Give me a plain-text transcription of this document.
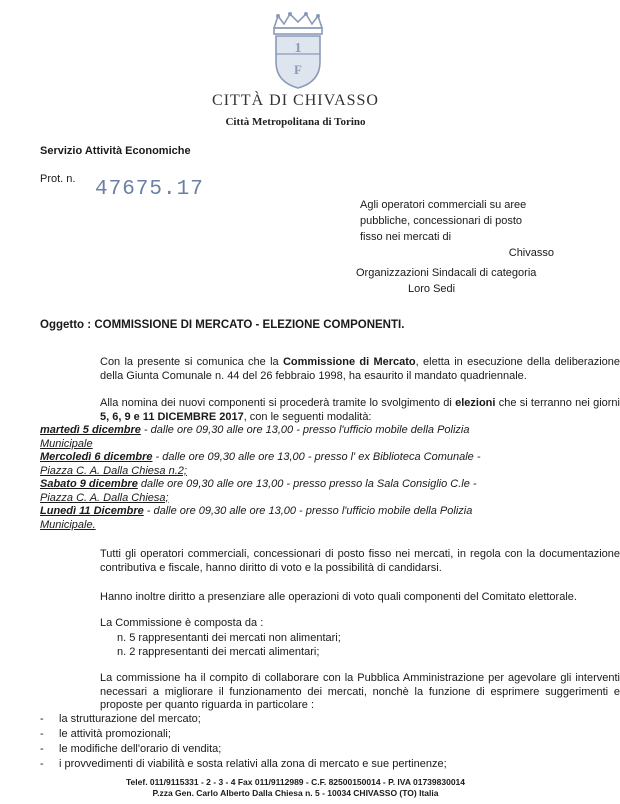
1
F
CITTÀ DI CHIVASSO
Città Metropolitana di Torino
Servizio Attività Economiche
Prot. n. 47675.17
Agli operatori commerciali su aree
pubbliche, concessionari di posto
fisso nei mercati di
Chivasso
Organizzazioni Sindacali di categoria
Loro Sedi
Oggetto : COMMISSIONE DI MERCATO - ELEZIONE COMPONENTI.
Con la presente si comunica che la Commissione di Mercato, eletta in esecuzione della deliberazione della Giunta Comunale n. 44 del 26 febbraio 1998, ha esaurito il mandato quadriennale.
Alla nomina dei nuovi componenti si procederà tramite lo svolgimento di elezioni che si terranno nei giorni 5, 6, 9 e 11 DICEMBRE 2017, con le seguenti modalità:
martedì 5 dicembre - dalle ore 09,30 alle ore 13,00 - presso l'ufficio mobile della Polizia
Municipale
Mercoledì 6 dicembre - dalle ore 09,30 alle ore 13,00 - presso l' ex Biblioteca Comunale -
Piazza C. A. Dalla Chiesa n.2;
Sabato 9 dicembre dalle ore 09,30 alle ore 13,00 - presso presso la Sala Consiglio C.le -
Piazza C. A. Dalla Chiesa;
Lunedì 11 Dicembre - dalle ore 09,30 alle ore 13,00 - presso l'ufficio mobile della Polizia
Municipale.
Tutti gli operatori commerciali, concessionari di posto fisso nei mercati, in regola con la documentazione contributiva e fiscale, hanno diritto di voto e la possibilità di candidarsi.
Hanno inoltre diritto a presenziare alle operazioni di voto quali componenti del Comitato elettorale.
La Commissione è composta da :
n. 5 rappresentanti dei mercati non alimentari;
n. 2 rappresentanti dei mercati alimentari;
La commissione ha il compito di collaborare con la Pubblica Amministrazione per agevolare gli interventi necessari a migliorare il funzionamento dei mercati, nonchè la funzione di esprimere suggerimenti e proposte per quanto riguarda in particolare :
-	la strutturazione del mercato;
-	le attività promozionali;
-	le modifiche dell'orario di vendita;
-	i provvedimenti di viabilità e sosta relativi alla zona di mercato e sue pertinenze;
Telef. 011/9115331 - 2 - 3 - 4 Fax 011/9112989 - C.F. 82500150014 - P. IVA 01739830014
P.zza Gen. Carlo Alberto Dalla Chiesa n. 5 - 10034 CHIVASSO (TO) Italia
